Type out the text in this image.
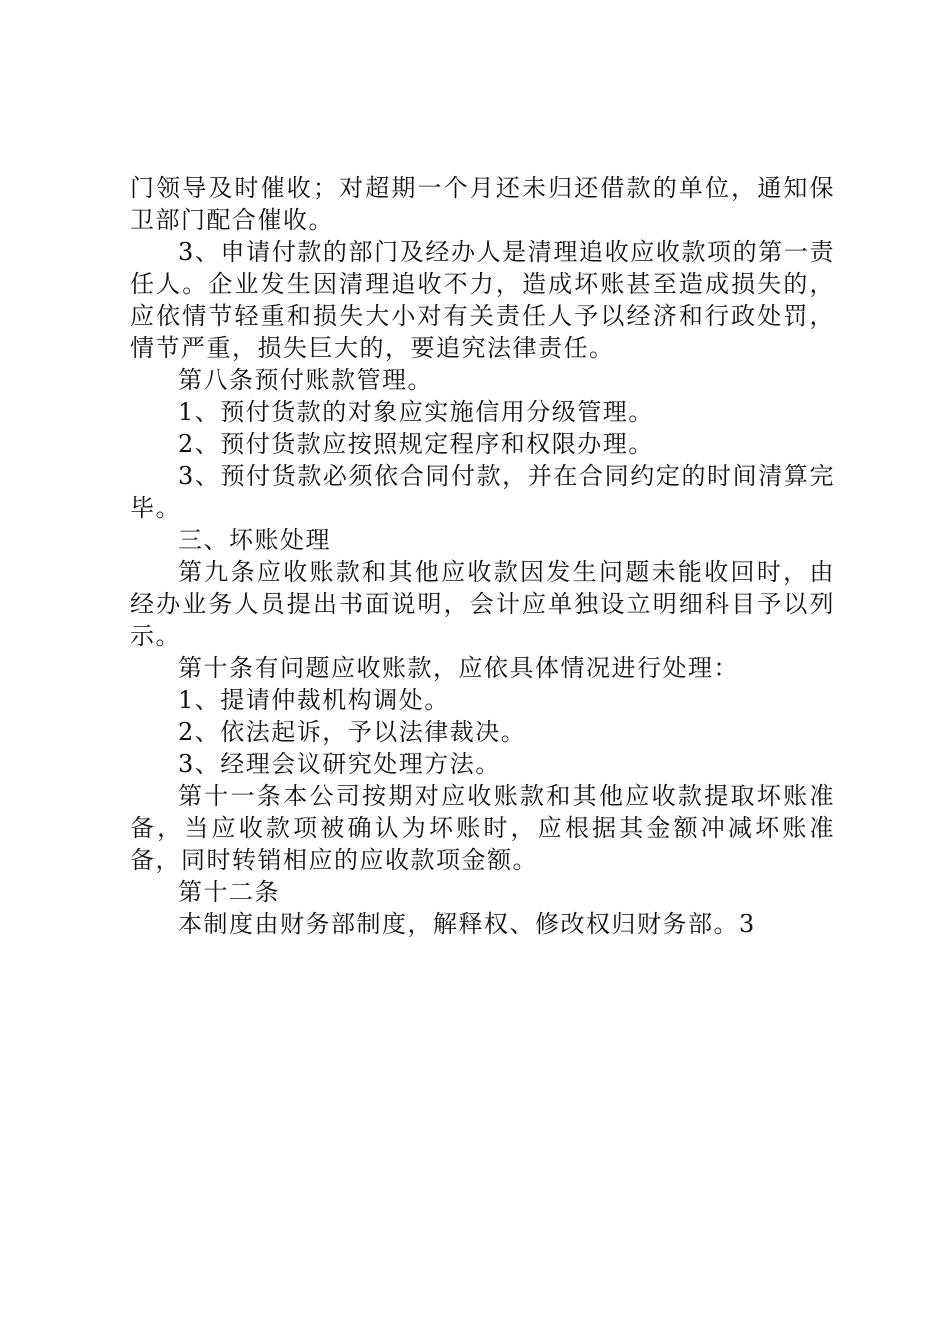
门领导及时催收；对超期一个月还未归还借款的单位，通知保卫部门配合催收。

3、申请付款的部门及经办人是清理追收应收款项的第一责任人。企业发生因清理追收不力，造成坏账甚至造成损失的，应依情节轻重和损失大小对有关责任人予以经济和行政处罚，情节严重，损失巨大的，要追究法律责任。

第八条预付账款管理。

1、预付货款的对象应实施信用分级管理。

2、预付货款应按照规定程序和权限办理。

3、预付货款必须依合同付款，并在合同约定的时间清算完毕。

三、坏账处理

第九条应收账款和其他应收款因发生问题未能收回时，由经办业务人员提出书面说明，会计应单独设立明细科目予以列示。

第十条有问题应收账款，应依具体情况进行处理：

1、提请仲裁机构调处。

2、依法起诉，予以法律裁决。

3、经理会议研究处理方法。

第十一条本公司按期对应收账款和其他应收款提取坏账准备，当应收款项被确认为坏账时，应根据其金额冲减坏账准备，同时转销相应的应收款项金额。

第十二条

本制度由财务部制度，解释权、修改权归财务部。3
